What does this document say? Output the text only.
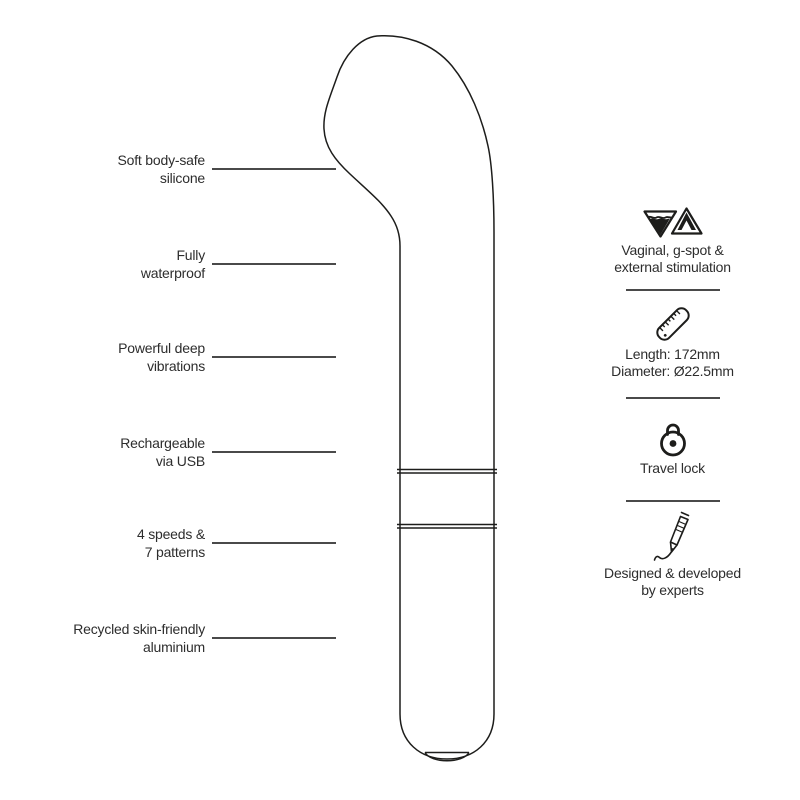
Soft body-safe
silicone
Fully
waterproof
Powerful deep
vibrations
Rechargeable
via USB
4 speeds &
7 patterns
Recycled skin-friendly
aluminium
Vaginal, g-spot &
external stimulation
Length: 172mm
Diameter: Ø22.5mm
Travel lock
Designed & developed
by experts
